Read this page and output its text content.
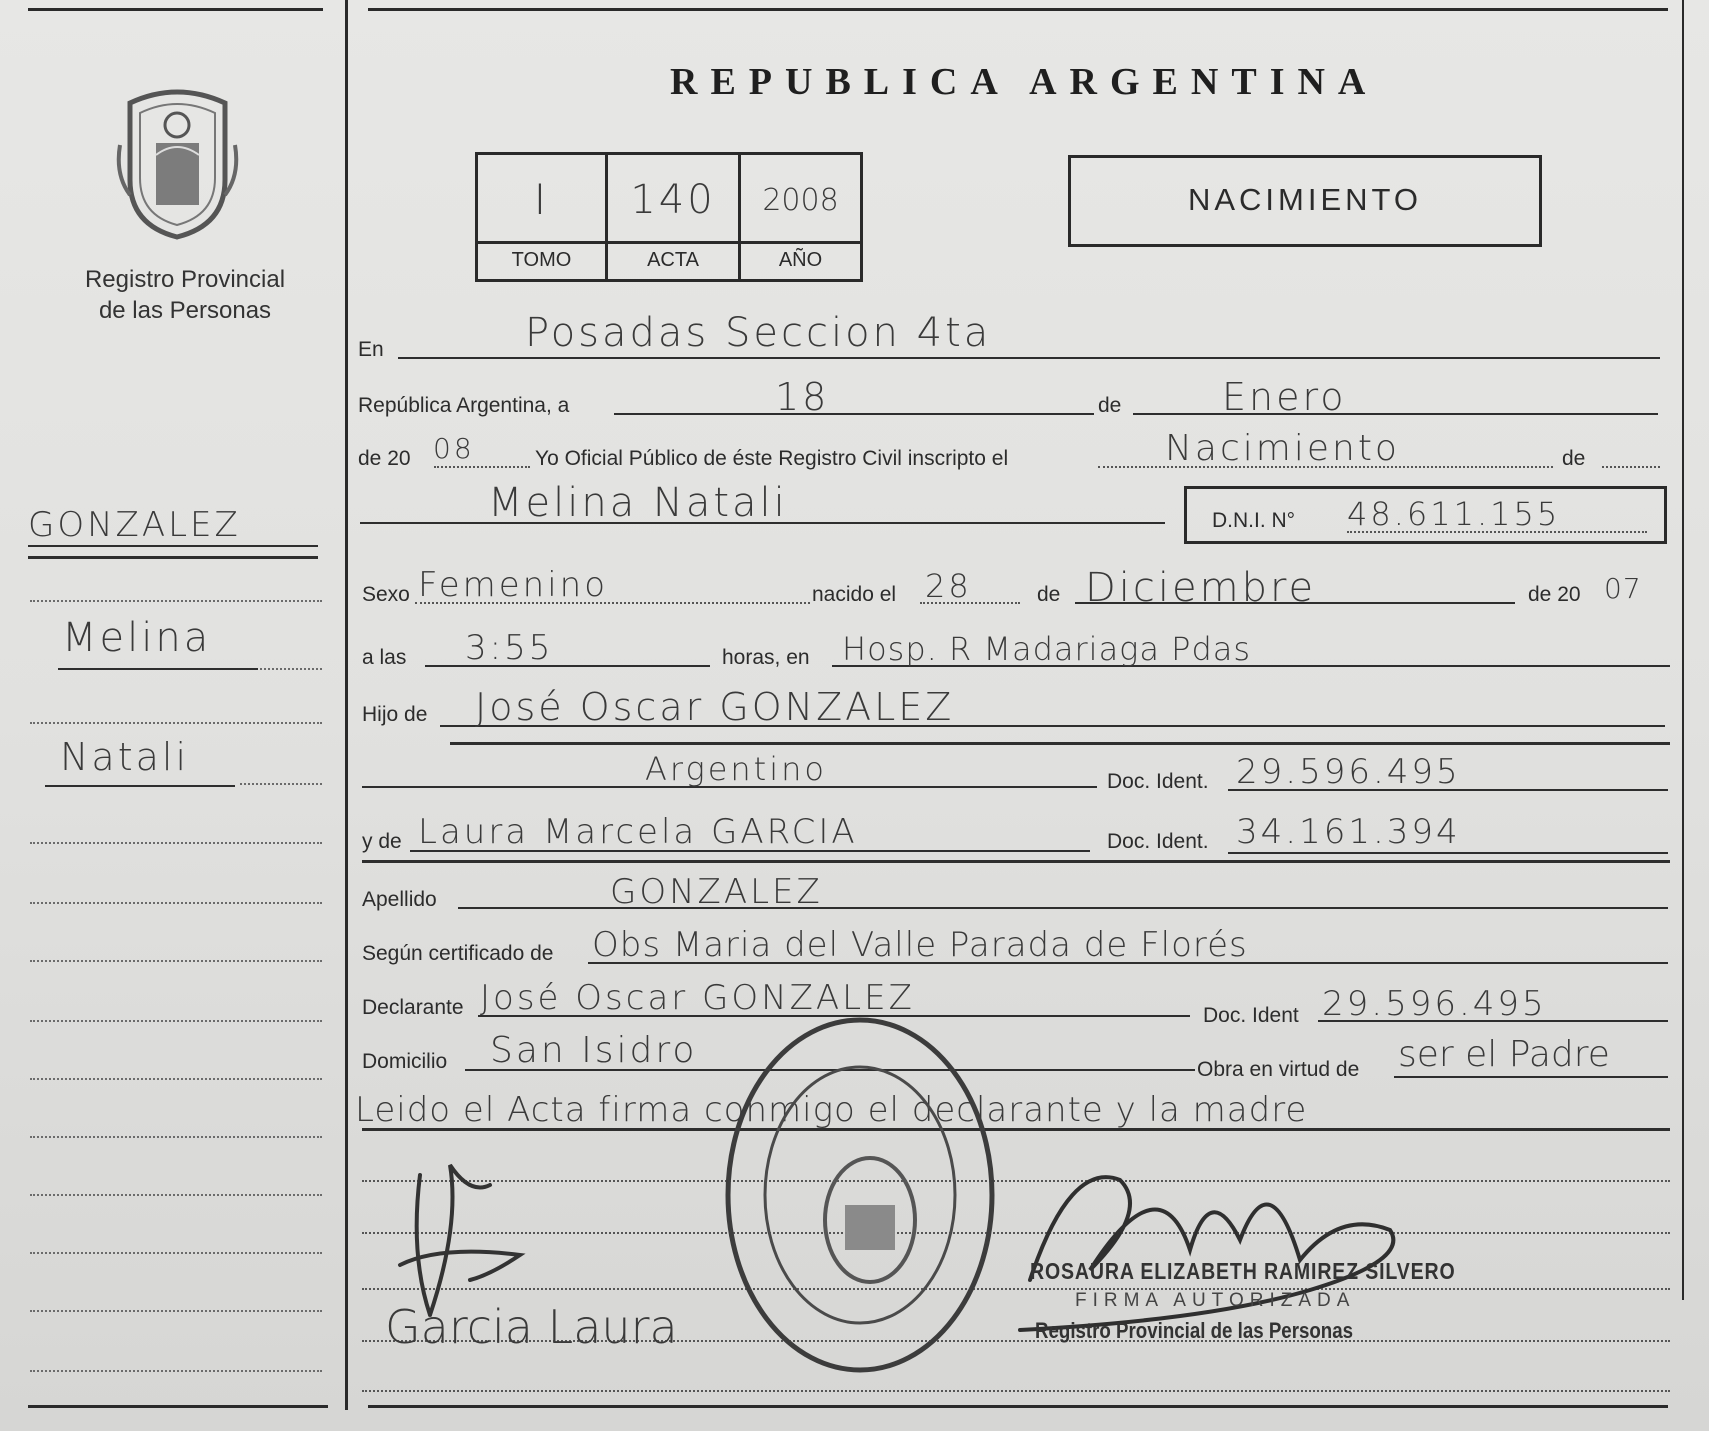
Registro Provincial
de las Personas
GONZALEZ
Melina
Natali
REPUBLICA ARGENTINA
I	140	2008
TOMO	ACTA	AÑO
NACIMIENTO
En	Posadas Seccion 4ta
República Argentina, a	18	de	Enero
de 20 08	Yo Oficial Público de éste Registro Civil inscripto el	Nacimiento	de
Melina Natali	D.N.I. N° 48.611.155
Sexo Femenino	nacido el 28	de Diciembre	de 20 07
a las 3:55	horas, en Hosp. R Madariaga Pdas
Hijo de José Oscar GONZALEZ
Argentino	Doc. Ident. 29.596.495
y de Laura Marcela GARCIA	Doc. Ident. 34.161.394
Apellido	GONZALEZ
Según certificado de Obs Maria del Valle Parada de Florés
Declarante José Oscar GONZALEZ	Doc. Ident 29.596.495
Domicilio San Isidro	Obra en virtud de ser el Padre
Leido el Acta firma conmigo el declarante y la madre
Garcia Laura
ROSAURA ELIZABETH RAMIREZ SILVERO
FIRMA AUTORIZADA
Registro Provincial de las Personas
